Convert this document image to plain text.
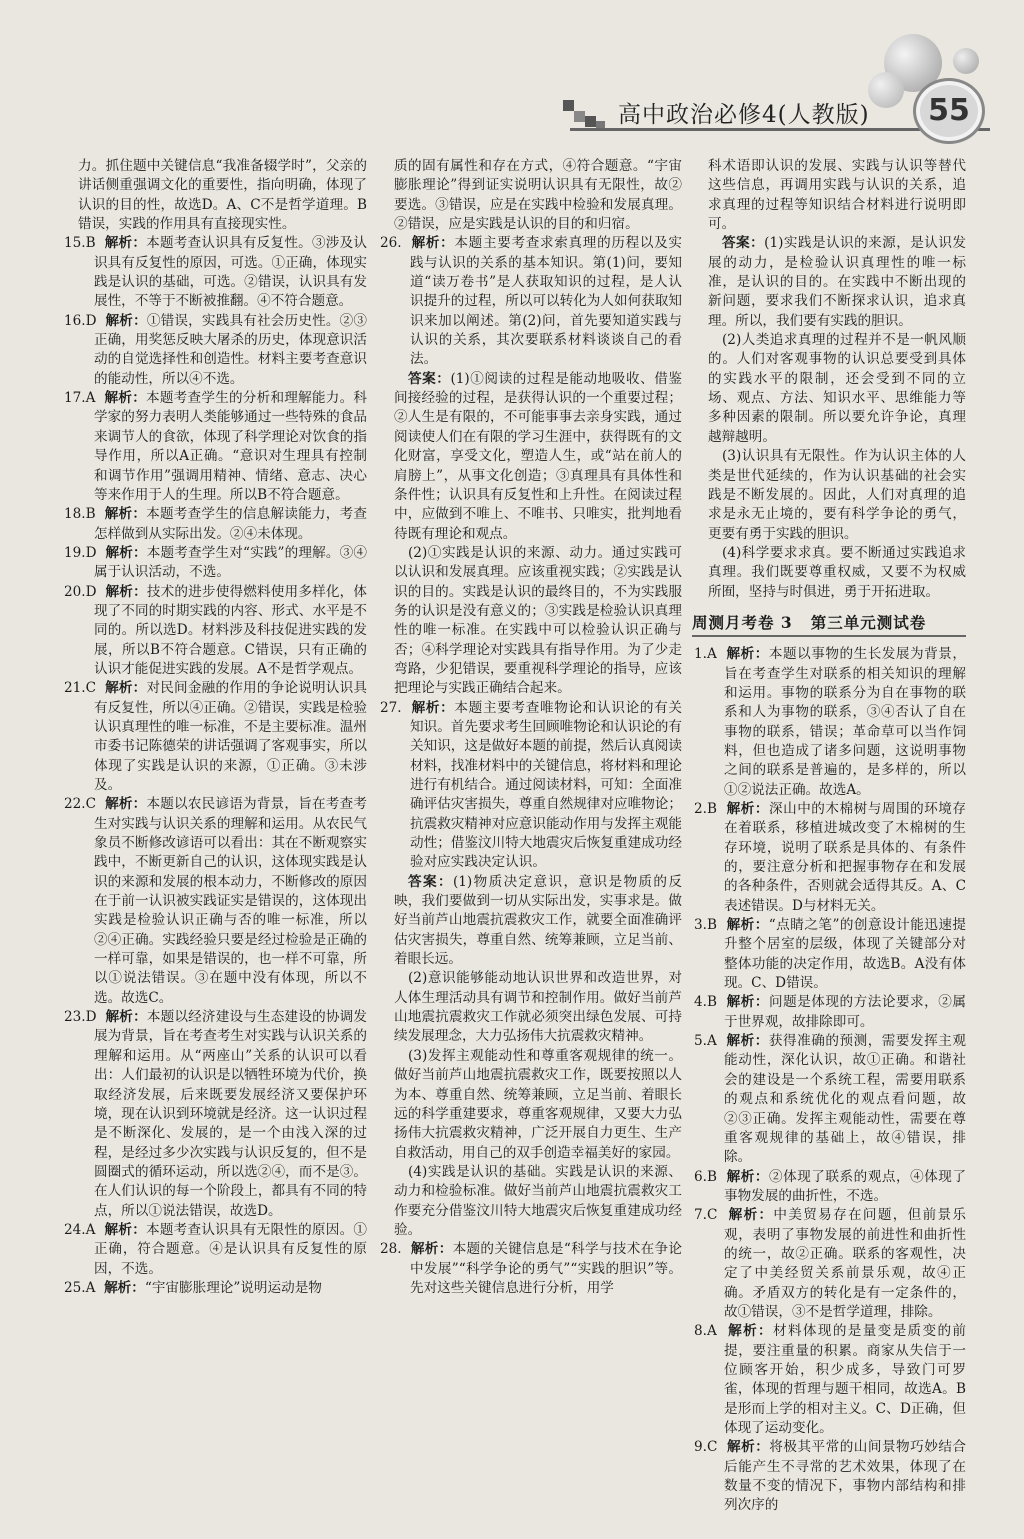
高中政治必修4(人教版)	55

力。抓住题中关键信息“我准备辍学时”，父亲的讲话侧重强调文化的重要性，指向明确，体现了认识的目的性，故选D。A、C不是哲学道理。B错误，实践的作用具有直接现实性。

15.B 解析：本题考查认识具有反复性。③涉及认识具有反复性的原因，可选。①正确，体现实践是认识的基础，可选。②错误，认识具有发展性，不等于不断被推翻。④不符合题意。

16.D 解析：①错误，实践具有社会历史性。②③正确，用奖惩反映大屠杀的历史，体现意识活动的自觉选择性和创造性。材料主要考查意识的能动性，所以④不选。

17.A 解析：本题考查学生的分析和理解能力。科学家的努力表明人类能够通过一些特殊的食品来调节人的食欲，体现了科学理论对饮食的指导作用，所以A正确。“意识对生理具有控制和调节作用”强调用精神、情绪、意志、决心等来作用于人的生理。所以B不符合题意。

18.B 解析：本题考查学生的信息解读能力，考查怎样做到从实际出发。②④未体现。

19.D 解析：本题考查学生对“实践”的理解。③④属于认识活动，不选。

20.D 解析：技术的进步使得燃料使用多样化，体现了不同的时期实践的内容、形式、水平是不同的。所以选D。材料涉及科技促进实践的发展，所以B不符合题意。C错误，只有正确的认识才能促进实践的发展。A不是哲学观点。

21.C 解析：对民间金融的作用的争论说明认识具有反复性，所以④正确。②错误，实践是检验认识真理性的唯一标准，不是主要标准。温州市委书记陈德荣的讲话强调了客观事实，所以体现了实践是认识的来源，①正确。③未涉及。

22.C 解析：本题以农民谚语为背景，旨在考查考生对实践与认识关系的理解和运用。从农民气象员不断修改谚语可以看出：其在不断观察实践中，不断更新自己的认识，这体现实践是认识的来源和发展的根本动力，不断修改的原因在于前一认识被实践证实是错误的，这体现出实践是检验认识正确与否的唯一标准，所以②④正确。实践经验只要是经过检验是正确的一样可靠，如果是错误的，也一样不可靠，所以①说法错误。③在题中没有体现，所以不选。故选C。

23.D 解析：本题以经济建设与生态建设的协调发展为背景，旨在考查考生对实践与认识关系的理解和运用。从“两座山”关系的认识可以看出：人们最初的认识是以牺牲环境为代价，换取经济发展，后来既要发展经济又要保护环境，现在认识到环境就是经济。这一认识过程是不断深化、发展的，是一个由浅入深的过程，是经过多少次实践与认识反复的，但不是圆圈式的循环运动，所以选②④，而不是③。在人们认识的每一个阶段上，都具有不同的特点，所以①说法错误，故选D。

24.A 解析：本题考查认识具有无限性的原因。①正确，符合题意。④是认识具有反复性的原因，不选。

25.A 解析：“宇宙膨胀理论”说明运动是物

质的固有属性和存在方式，④符合题意。“宇宙膨胀理论”得到证实说明认识具有无限性，故②要选。③错误，应是在实践中检验和发展真理。②错误，应是实践是认识的目的和归宿。

26. 解析：本题主要考查求索真理的历程以及实践与认识的关系的基本知识。第(1)问，要知道“读万卷书”是人获取知识的过程，是人认识提升的过程，所以可以转化为人如何获取知识来加以阐述。第(2)问，首先要知道实践与认识的关系，其次要联系材料谈谈自己的看法。

答案：(1)①阅读的过程是能动地吸收、借鉴间接经验的过程，是获得认识的一个重要过程；②人生是有限的，不可能事事去亲身实践，通过阅读使人们在有限的学习生涯中，获得既有的文化财富，享受文化，塑造人生，或“站在前人的肩膀上”，从事文化创造；③真理具有具体性和条件性；认识具有反复性和上升性。在阅读过程中，应做到不唯上、不唯书、只唯实，批判地看待既有理论和观点。

(2)①实践是认识的来源、动力。通过实践可以认识和发展真理。应该重视实践；②实践是认识的目的。实践是认识的最终目的，不为实践服务的认识是没有意义的；③实践是检验认识真理性的唯一标准。在实践中可以检验认识正确与否；④科学理论对实践具有指导作用。为了少走弯路，少犯错误，要重视科学理论的指导，应该把理论与实践正确结合起来。

27. 解析：本题主要考查唯物论和认识论的有关知识。首先要求考生回顾唯物论和认识论的有关知识，这是做好本题的前提，然后认真阅读材料，找准材料中的关键信息，将材料和理论进行有机结合。通过阅读材料，可知：全面准确评估灾害损失，尊重自然规律对应唯物论；抗震救灾精神对应意识能动作用与发挥主观能动性；借鉴汶川特大地震灾后恢复重建成功经验对应实践决定认识。

答案：(1)物质决定意识，意识是物质的反映，我们要做到一切从实际出发，实事求是。做好当前芦山地震抗震救灾工作，就要全面准确评估灾害损失，尊重自然、统筹兼顾，立足当前、着眼长远。

(2)意识能够能动地认识世界和改造世界，对人体生理活动具有调节和控制作用。做好当前芦山地震抗震救灾工作就必须突出绿色发展、可持续发展理念，大力弘扬伟大抗震救灾精神。

(3)发挥主观能动性和尊重客观规律的统一。做好当前芦山地震抗震救灾工作，既要按照以人为本、尊重自然、统筹兼顾，立足当前、着眼长远的科学重建要求，尊重客观规律，又要大力弘扬伟大抗震救灾精神，广泛开展自力更生、生产自救活动，用自己的双手创造幸福美好的家园。

(4)实践是认识的基础。实践是认识的来源、动力和检验标准。做好当前芦山地震抗震救灾工作要充分借鉴汶川特大地震灾后恢复重建成功经验。

28. 解析：本题的关键信息是“科学与技术在争论中发展”“科学争论的勇气”“实践的胆识”等。先对这些关键信息进行分析，用学

科术语即认识的发展、实践与认识等替代这些信息，再调用实践与认识的关系，追求真理的过程等知识结合材料进行说明即可。

答案：(1)实践是认识的来源，是认识发展的动力，是检验认识真理性的唯一标准，是认识的目的。在实践中不断出现的新问题，要求我们不断探求认识，追求真理。所以，我们要有实践的胆识。

(2)人类追求真理的过程并不是一帆风顺的。人们对客观事物的认识总要受到具体的实践水平的限制，还会受到不同的立场、观点、方法、知识水平、思维能力等多种因素的限制。所以要允许争论，真理越辩越明。

(3)认识具有无限性。作为认识主体的人类是世代延续的，作为认识基础的社会实践是不断发展的。因此，人们对真理的追求是永无止境的，要有科学争论的勇气，更要有勇于实践的胆识。

(4)科学要求求真。要不断通过实践追求真理。我们既要尊重权威，又要不为权威所囿，坚持与时俱进，勇于开拓进取。

周测月考卷 3 第三单元测试卷

1.A 解析：本题以事物的生长发展为背景，旨在考查学生对联系的相关知识的理解和运用。事物的联系分为自在事物的联系和人为事物的联系，③④否认了自在事物的联系，错误；革命草可以当作饲料，但也造成了诸多问题，这说明事物之间的联系是普遍的，是多样的，所以①②说法正确。故选A。

2.B 解析：深山中的木棉树与周围的环境存在着联系，移植进城改变了木棉树的生存环境，说明了联系是具体的、有条件的，要注意分析和把握事物存在和发展的各种条件，否则就会适得其反。A、C表述错误。D与材料无关。

3.B 解析：“点睛之笔”的创意设计能迅速提升整个居室的层级，体现了关键部分对整体功能的决定作用，故选B。A没有体现。C、D错误。

4.B 解析：问题是体现的方法论要求，②属于世界观，故排除即可。

5.A 解析：获得准确的预测，需要发挥主观能动性，深化认识，故①正确。和谐社会的建设是一个系统工程，需要用联系的观点和系统优化的观点看问题，故②③正确。发挥主观能动性，需要在尊重客观规律的基础上，故④错误，排除。

6.B 解析：②体现了联系的观点，④体现了事物发展的曲折性，不选。

7.C 解析：中美贸易存在问题，但前景乐观，表明了事物发展的前进性和曲折性的统一，故②正确。联系的客观性，决定了中美经贸关系前景乐观，故④正确。矛盾双方的转化是有一定条件的，故①错误，③不是哲学道理，排除。

8.A 解析：材料体现的是量变是质变的前提，要注重量的积累。商家从失信于一位顾客开始，积少成多，导致门可罗雀，体现的哲理与题干相同，故选A。B是形而上学的相对主义。C、D正确，但体现了运动变化。

9.C 解析：将极其平常的山间景物巧妙结合后能产生不寻常的艺术效果，体现了在数量不变的情况下，事物内部结构和排列次序的
